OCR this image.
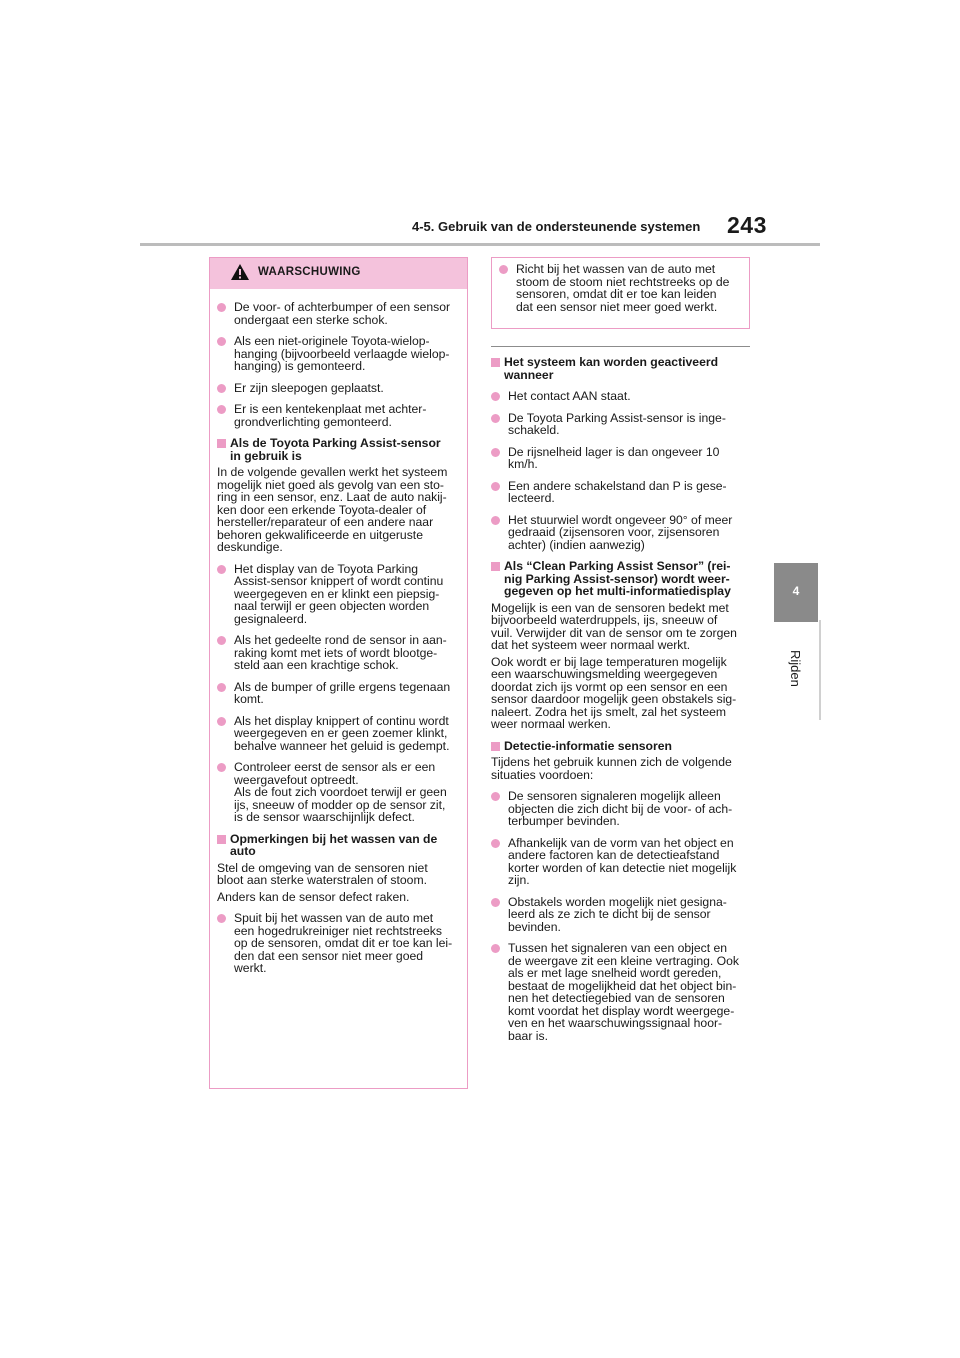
4-5. Gebruik van de ondersteunende systemen 243
4
Rijden
WAARSCHUWING
De voor- of achterbumper of een sensor
ondergaat een sterke schok.
Als een niet-originele Toyota-wielop-
hanging (bijvoorbeeld verlaagde wielop-
hanging) is gemonteerd.
Er zijn sleepogen geplaatst.
Er is een kentekenplaat met achter-
grondverlichting gemonteerd.
Als de Toyota Parking Assist-sensor
in gebruik is
In de volgende gevallen werkt het systeem
mogelijk niet goed als gevolg van een sto-
ring in een sensor, enz. Laat de auto nakij-
ken door een erkende Toyota-dealer of
hersteller/reparateur of een andere naar
behoren gekwalificeerde en uitgeruste
deskundige.
Het display van de Toyota Parking
Assist-sensor knippert of wordt continu
weergegeven en er klinkt een piepsig-
naal terwijl er geen objecten worden
gesignaleerd.
Als het gedeelte rond de sensor in aan-
raking komt met iets of wordt blootge-
steld aan een krachtige schok.
Als de bumper of grille ergens tegenaan
komt.
Als het display knippert of continu wordt
weergegeven en er geen zoemer klinkt,
behalve wanneer het geluid is gedempt.
Controleer eerst de sensor als er een
weergavefout optreedt.
Als de fout zich voordoet terwijl er geen
ijs, sneeuw of modder op de sensor zit,
is de sensor waarschijnlijk defect.
Opmerkingen bij het wassen van de
auto
Stel de omgeving van de sensoren niet
bloot aan sterke waterstralen of stoom.
Anders kan de sensor defect raken.
Spuit bij het wassen van de auto met
een hogedrukreiniger niet rechtstreeks
op de sensoren, omdat dit er toe kan lei-
den dat een sensor niet meer goed
werkt.
Richt bij het wassen van de auto met
stoom de stoom niet rechtstreeks op de
sensoren, omdat dit er toe kan leiden
dat een sensor niet meer goed werkt.
Het systeem kan worden geactiveerd
wanneer
Het contact AAN staat.
De Toyota Parking Assist-sensor is inge-
schakeld.
De rijsnelheid lager is dan ongeveer 10
km/h.
Een andere schakelstand dan P is gese-
lecteerd.
Het stuurwiel wordt ongeveer 90° of meer
gedraaid (zijsensoren voor, zijsensoren
achter) (indien aanwezig)
Als “Clean Parking Assist Sensor” (rei-
nig Parking Assist-sensor) wordt weer-
gegeven op het multi-informatiedisplay
Mogelijk is een van de sensoren bedekt met
bijvoorbeeld waterdruppels, ijs, sneeuw of
vuil. Verwijder dit van de sensor om te zorgen
dat het systeem weer normaal werkt.
Ook wordt er bij lage temperaturen mogelijk
een waarschuwingsmelding weergegeven
doordat zich ijs vormt op een sensor en een
sensor daardoor mogelijk geen obstakels sig-
naleert. Zodra het ijs smelt, zal het systeem
weer normaal werken.
Detectie-informatie sensoren
Tijdens het gebruik kunnen zich de volgende
situaties voordoen:
De sensoren signaleren mogelijk alleen
objecten die zich dicht bij de voor- of ach-
terbumper bevinden.
Afhankelijk van de vorm van het object en
andere factoren kan de detectieafstand
korter worden of kan detectie niet mogelijk
zijn.
Obstakels worden mogelijk niet gesigna-
leerd als ze zich te dicht bij de sensor
bevinden.
Tussen het signaleren van een object en
de weergave zit een kleine vertraging. Ook
als er met lage snelheid wordt gereden,
bestaat de mogelijkheid dat het object bin-
nen het detectiegebied van de sensoren
komt voordat het display wordt weergege-
ven en het waarschuwingssignaal hoor-
baar is.
